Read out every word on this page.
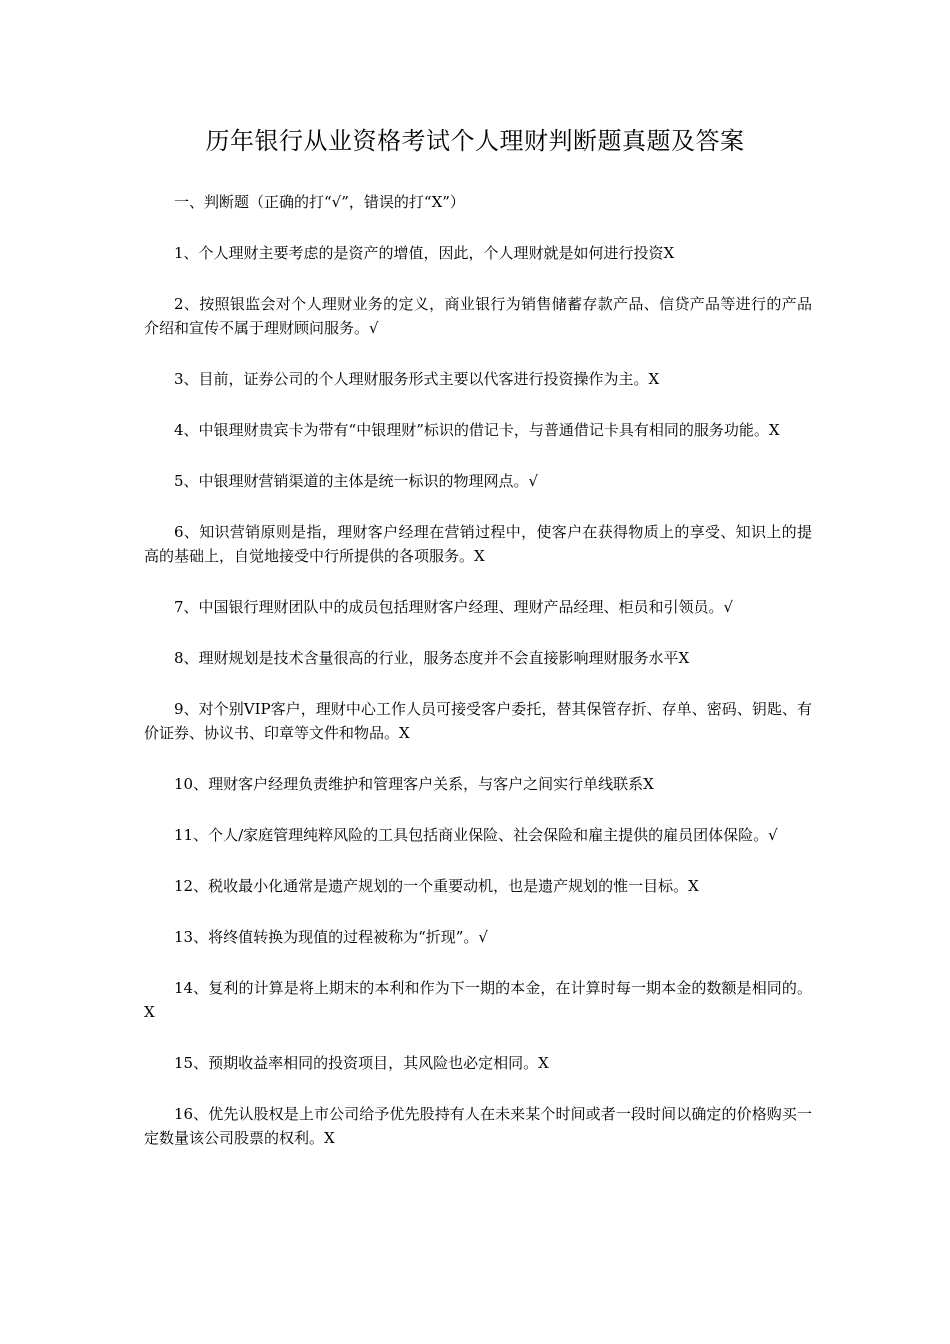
历年银行从业资格考试个人理财判断题真题及答案

一、判断题（正确的打“√”，错误的打“X”）

1、个人理财主要考虑的是资产的增值，因此，个人理财就是如何进行投资X

2、按照银监会对个人理财业务的定义，商业银行为销售储蓄存款产品、信贷产品等进行的产品介绍和宣传不属于理财顾问服务。√

3、目前，证券公司的个人理财服务形式主要以代客进行投资操作为主。X

4、中银理财贵宾卡为带有“中银理财”标识的借记卡，与普通借记卡具有相同的服务功能。X

5、中银理财营销渠道的主体是统一标识的物理网点。√

6、知识营销原则是指，理财客户经理在营销过程中，使客户在获得物质上的享受、知识上的提高的基础上，自觉地接受中行所提供的各项服务。X

7、中国银行理财团队中的成员包括理财客户经理、理财产品经理、柜员和引领员。√

8、理财规划是技术含量很高的行业，服务态度并不会直接影响理财服务水平X

9、对个别VIP客户，理财中心工作人员可接受客户委托，替其保管存折、存单、密码、钥匙、有价证券、协议书、印章等文件和物品。X

10、理财客户经理负责维护和管理客户关系，与客户之间实行单线联系X

11、个人/家庭管理纯粹风险的工具包括商业保险、社会保险和雇主提供的雇员团体保险。√

12、税收最小化通常是遗产规划的一个重要动机，也是遗产规划的惟一目标。X

13、将终值转换为现值的过程被称为“折现”。√

14、复利的计算是将上期末的本利和作为下一期的本金，在计算时每一期本金的数额是相同的。X

15、预期收益率相同的投资项目，其风险也必定相同。X

16、优先认股权是上市公司给予优先股持有人在未来某个时间或者一段时间以确定的价格购买一定数量该公司股票的权利。X
